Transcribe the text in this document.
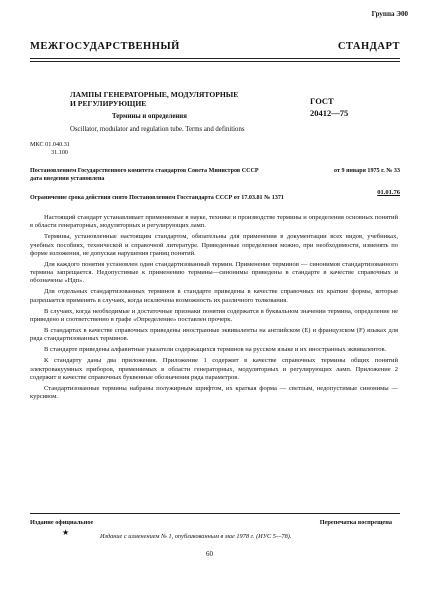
Группа Э00
МЕЖГОСУДАРСТВЕННЫЙ СТАНДАРТ
ЛАМПЫ ГЕНЕРАТОРНЫЕ, МОДУЛЯТОРНЫЕ
И РЕГУЛИРУЮЩИЕ	ГОСТ
20412—75
Термины и определения
Oscillator, modulator and regulation tube. Terms and definitions
МКС 01.040.31
31.100
Постановлением Государственного комитета стандартов Совета Министров СССР	от 9 января 1975 г. № 33
дата введения установлена
01.01.76
Ограничение срока действия снято Постановлением Госстандарта СССР от 17.03.81 № 1371

Настоящий стандарт устанавливает применяемые в науке, технике и производстве термины и определения основных понятий в области генераторных, модуляторных и регулирующих ламп.

Термины, установленные настоящим стандартом, обязательны для применения в документации всех видов, учебниках, учебных пособиях, технической и справочной литературе. Приведенные определения можно, при необходимости, изменять по форме изложения, не допуская нарушения границ понятий.

Для каждого понятия установлен один стандартизованный термин. Применение терминов — синонимов стандартизованного термина запрещается. Недопустимые к применению термины—синонимы приведены в стандарте в качестве справочных и обозначены «Ндп».

Для отдельных стандартизованных терминов в стандарте приведены в качестве справочных их краткие формы, которые разрешается применять в случаях, когда исключена возможность их различного толкования.

В случаях, когда необходимые и достаточные признаки понятия содержатся в буквальном значении термина, определение не приведено и соответственно в графе «Определение» поставлен прочерк.

В стандартах в качестве справочных приведены иностранные эквиваленты на английском (Е) и французском (F) языках для ряда стандартизованных терминов.

В стандарте приведены алфавитные указатели содержащихся терминов на русском языке и их иностранных эквивалентов.

К стандарту даны два приложения. Приложение 1 содержит в качестве справочных термины общих понятий электровакуумных приборов, применяемых в области генераторных, модуляторных и регулирующих ламп. Приложение 2 содержит в качестве справочных буквенные обозначения ряда параметров.

Стандартизованные термины набраны полужирным шрифтом, их краткая форма — светлым, недопустимые синонимы — курсивом.

Издание официальное	Перепечатка воспрещена
★	Издание с изменением № 1, опубликованным в мае 1978 г. (ИУС 5—78).
60
